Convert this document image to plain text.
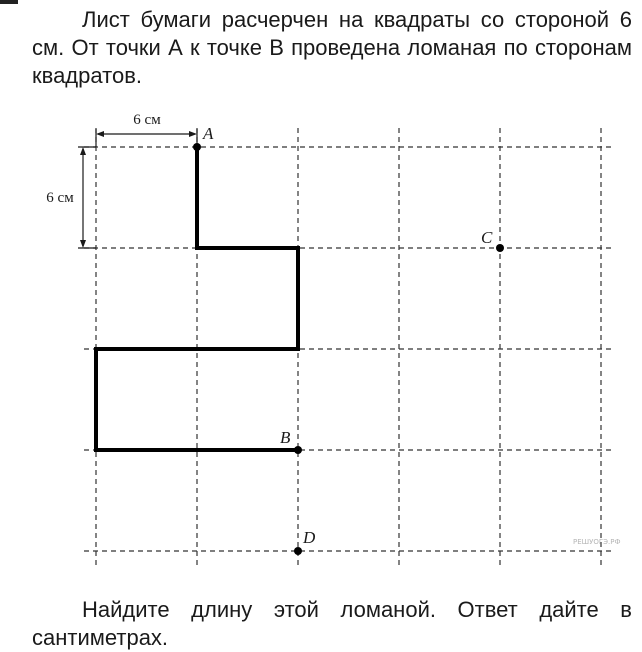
Лист бумаги расчерчен на квадраты со стороной 6 см. От точки А к точке В проведена ломаная по сторонам квадратов.
6 см
6 см
A
B
C
D	РЕШУОГЭ.РФ
Найдите длину этой ломаной. Ответ дайте в сантиметрах.
